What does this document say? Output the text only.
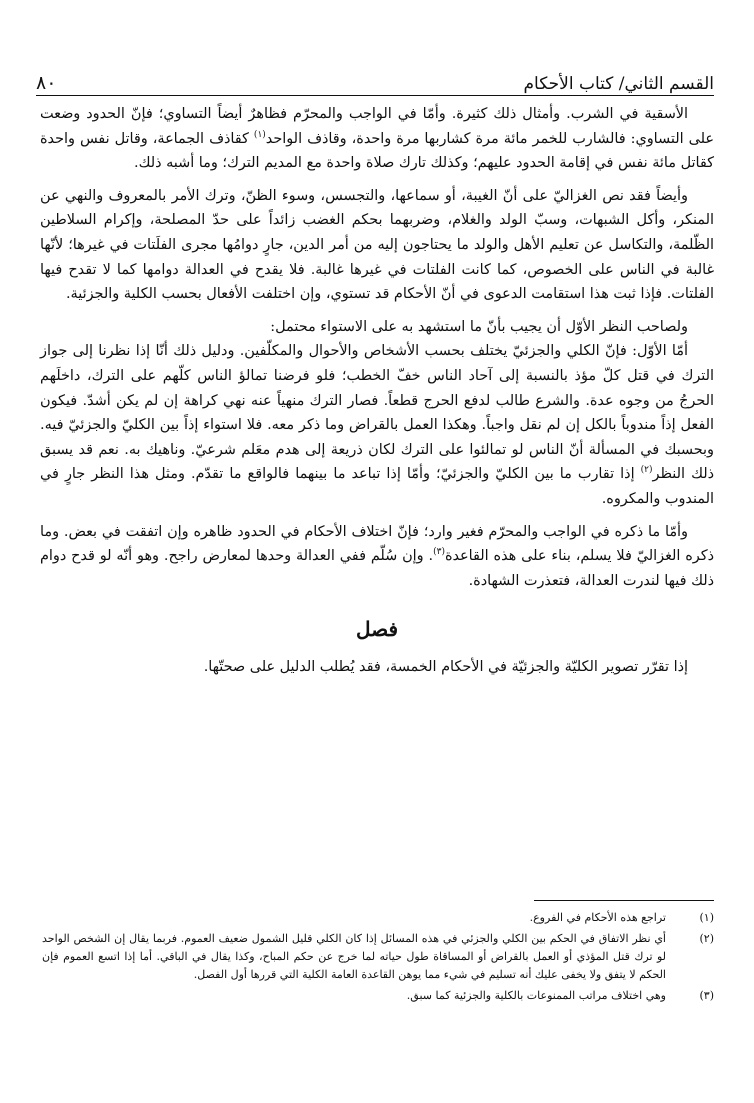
القسم الثاني/ كتاب الأحكام
٨٠

الأسقية في الشرب. وأمثال ذلك كثيرة. وأمّا في الواجب والمحرّم فظاهرٌ أيضاً التساوي؛ فإنّ الحدود وضعت على التساوي: فالشارب للخمر مائة مرة كشاربها مرة واحدة، وقاذف الواحد$^{(١)}$ كقاذف الجماعة، وقاتل نفس واحدة كقاتل مائة نفس في إقامة الحدود عليهم؛ وكذلك تارك صلاة واحدة مع المديم الترك؛ وما أشبه ذلك.

وأيضاً فقد نص الغزاليّ على أنّ الغيبة، أو سماعها، والتجسس، وسوء الظنّ، وترك الأمر بالمعروف والنهي عن المنكر، وأكل الشبهات، وسبّ الولد والغلام، وضربهما بحكم الغضب زائداً على حدّ المصلحة، وإكرام السلاطين الظّلمة، والتكاسل عن تعليم الأهل والولد ما يحتاجون إليه من أمر الدين، جارٍ دوامُها مجرى الفلَتات في غيرها؛ لأنّها غالبة في الناس على الخصوص، كما كانت الفلتات في غيرها غالبة. فلا يقدح في العدالة دوامها كما لا تقدح فيها الفلتات. فإذا ثبت هذا استقامت الدعوى في أنّ الأحكام قد تستوي، وإن اختلفت الأفعال بحسب الكلية والجزئية.

ولصاحب النظر الأوّل أن يجيب بأنّ ما استشهد به على الاستواء محتمل:

أمّا الأوّل: فإنّ الكلي والجزئيّ يختلف بحسب الأشخاص والأحوال والمكلّفين. ودليل ذلك أنّا إذا نظرنا إلى جواز الترك في قتل كلّ مؤذ بالنسبة إلى آحاد الناس خفّ الخطب؛ فلو فرضنا تمالؤ الناس كلّهم على الترك، داخلَهم الحرجُ من وجوه عدة. والشرع طالب لدفع الحرج قطعاً. فصار الترك منهياً عنه نهي كراهة إن لم يكن أشدّ. فيكون الفعل إذاً مندوباً بالكل إن لم نقل واجباً. وهكذا العمل بالقراض وما ذكر معه. فلا استواء إذاً بين الكليّ والجزئيّ فيه. وبحسبك في المسألة أنّ الناس لو تمالئوا على الترك لكان ذريعة إلى هدم معَلم شرعيّ. وناهيك به. نعم قد يسبق ذلك النظر$^{(٢)}$ إذا تقارب ما بين الكليّ والجزئيّ؛ وأمّا إذا تباعد ما بينهما فالواقع ما تقدّم. ومثل هذا النظر جارٍ في المندوب والمكروه.

وأمّا ما ذكره في الواجب والمحرّم فغير وارد؛ فإنّ اختلاف الأحكام في الحدود ظاهره وإن اتفقت في بعض. وما ذكره الغزاليّ فلا يسلم، بناء على هذه القاعدة$^{(٣)}$. وإن سُلّم ففي العدالة وحدها لمعارض راجح. وهو أنّه لو قدح دوام ذلك فيها لندرت العدالة، فتعذرت الشهادة.

فصل

إذا تقرّر تصوير الكليّة والجزئيّة في الأحكام الخمسة، فقد يُطلب الدليل على صحتّها.

(١)
تراجع هذه الأحكام في الفروع.
(٢)
أي نظر الاتفاق في الحكم بين الكلي والجزئي في هذه المسائل إذا كان الكلي قليل الشمول ضعيف العموم. فربما يقال إن الشخص الواحد لو ترك قتل المؤذي أو العمل بالقراض أو المساقاة طول حياته لما خرج عن حكم المباح، وكذا يقال في الباقي. أما إذا اتسع العموم فإن الحكم لا يتفق ولا يخفى عليك أنه تسليم في شيء مما يوهن القاعدة العامة الكلية التي قررها أول الفصل.
(٣)
وهي اختلاف مراتب الممنوعات بالكلية والجزئية كما سبق.
